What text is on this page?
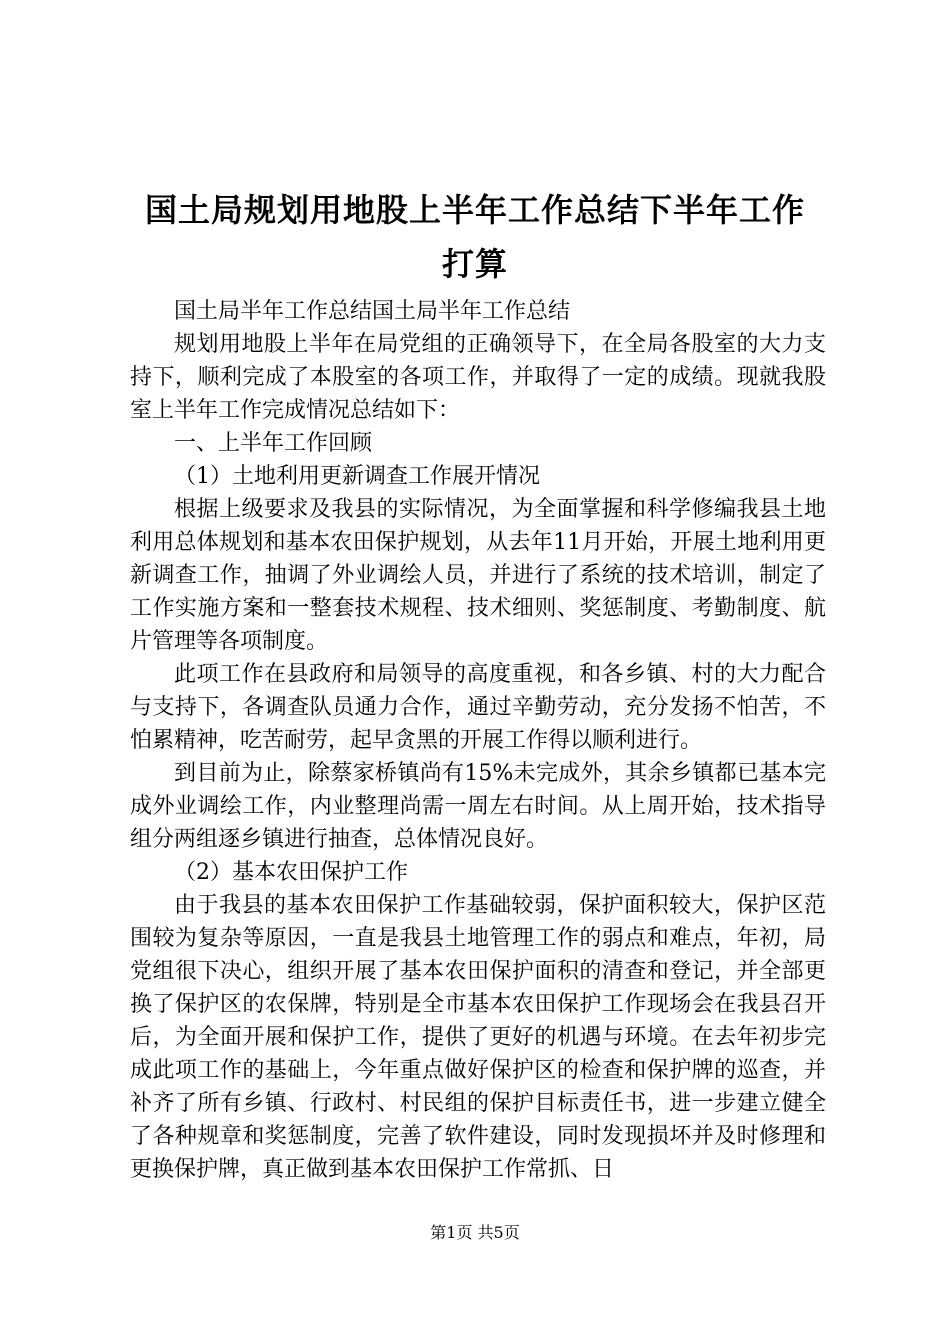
国土局规划用地股上半年工作总结下半年工作
打算

国土局半年工作总结国土局半年工作总结

规划用地股上半年在局党组的正确领导下，在全局各股室的大力支持下，顺利完成了本股室的各项工作，并取得了一定的成绩。现就我股室上半年工作完成情况总结如下：

一、上半年工作回顾

（1）土地利用更新调查工作展开情况

根据上级要求及我县的实际情况，为全面掌握和科学修编我县土地利用总体规划和基本农田保护规划，从去年11月开始，开展土地利用更新调查工作，抽调了外业调绘人员，并进行了系统的技术培训，制定了工作实施方案和一整套技术规程、技术细则、奖惩制度、考勤制度、航片管理等各项制度。

此项工作在县政府和局领导的高度重视，和各乡镇、村的大力配合与支持下，各调查队员通力合作，通过辛勤劳动，充分发扬不怕苦，不怕累精神，吃苦耐劳，起早贪黑的开展工作得以顺利进行。

到目前为止，除蔡家桥镇尚有15%未完成外，其余乡镇都已基本完成外业调绘工作，内业整理尚需一周左右时间。从上周开始，技术指导组分两组逐乡镇进行抽查，总体情况良好。

（2）基本农田保护工作

由于我县的基本农田保护工作基础较弱，保护面积较大，保护区范围较为复杂等原因，一直是我县土地管理工作的弱点和难点，年初，局党组很下决心，组织开展了基本农田保护面积的清查和登记，并全部更换了保护区的农保牌，特别是全市基本农田保护工作现场会在我县召开后，为全面开展和保护工作，提供了更好的机遇与环境。在去年初步完成此项工作的基础上，今年重点做好保护区的检查和保护牌的巡查，并补齐了所有乡镇、行政村、村民组的保护目标责任书，进一步建立健全了各种规章和奖惩制度，完善了软件建设，同时发现损坏并及时修理和更换保护牌，真正做到基本农田保护工作常抓、日

第1页 共5页
